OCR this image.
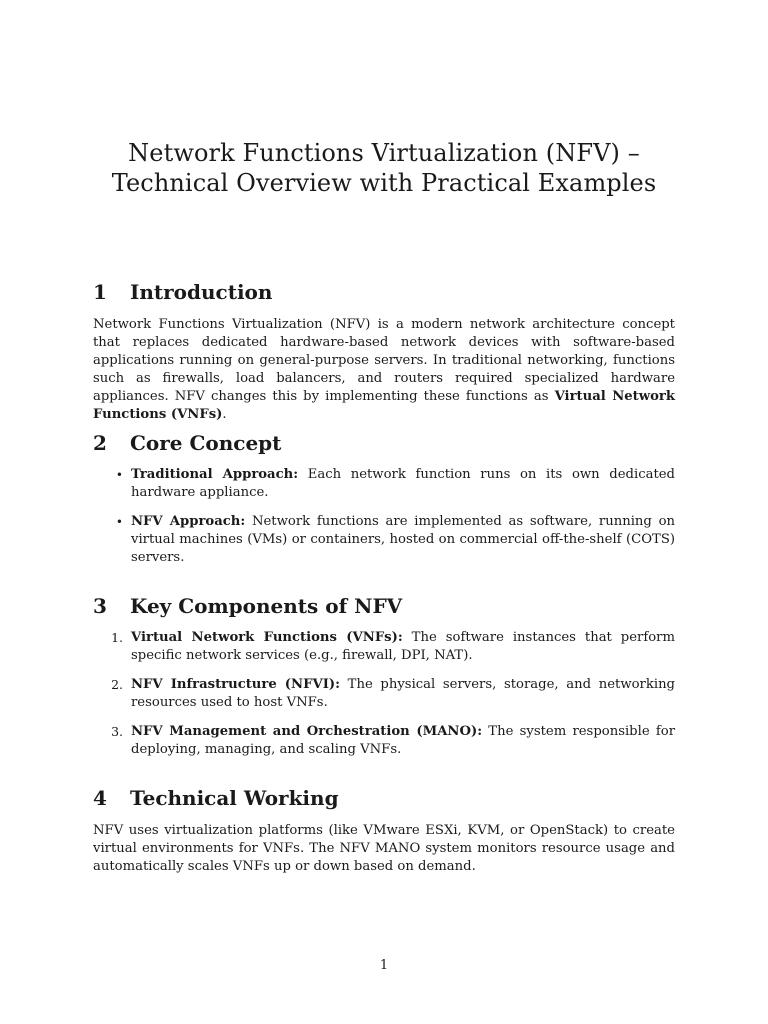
Network Functions Virtualization (NFV) –
Technical Overview with Practical Examples
1 Introduction

Network Functions Virtualization (NFV) is a modern network architecture concept that replaces dedicated hardware-based network devices with software-based applications running on general-purpose servers. In traditional networking, functions such as firewalls, load balancers, and routers required specialized hardware appliances. NFV changes this by implementing these functions as Virtual Network Functions (VNFs).

2 Core Concept
• Traditional Approach: Each network function runs on its own dedicated hardware appliance.
• NFV Approach: Network functions are implemented as software, running on virtual machines (VMs) or containers, hosted on commercial off-the-shelf (COTS) servers.
3 Key Components of NFV
1. Virtual Network Functions (VNFs): The software instances that perform specific network services (e.g., firewall, DPI, NAT).
2. NFV Infrastructure (NFVI): The physical servers, storage, and networking resources used to host VNFs.
3. NFV Management and Orchestration (MANO): The system responsible for deploying, managing, and scaling VNFs.
4 Technical Working

NFV uses virtualization platforms (like VMware ESXi, KVM, or OpenStack) to create virtual environments for VNFs. The NFV MANO system monitors resource usage and automatically scales VNFs up or down based on demand.

1
